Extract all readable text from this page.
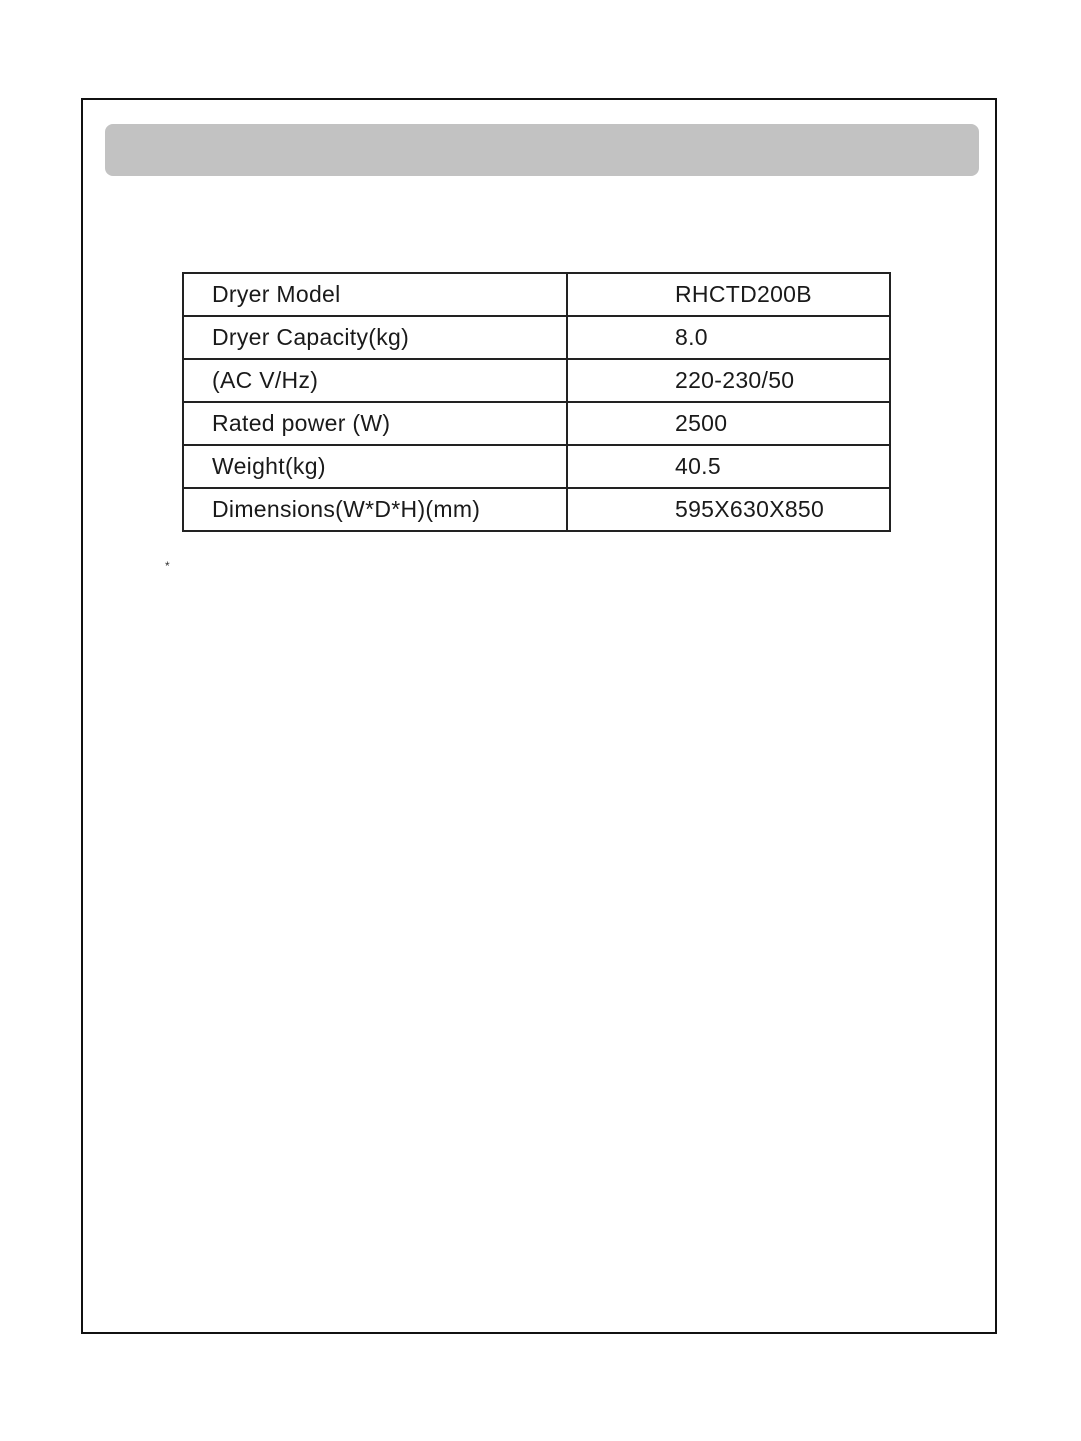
Dryer Model	RHCTD200B
Dryer Capacity(kg)	8.0
(AC V/Hz)	220-230/50
Rated power (W)	2500
Weight(kg)	40.5
Dimensions(W*D*H)(mm)	595X630X850
*
